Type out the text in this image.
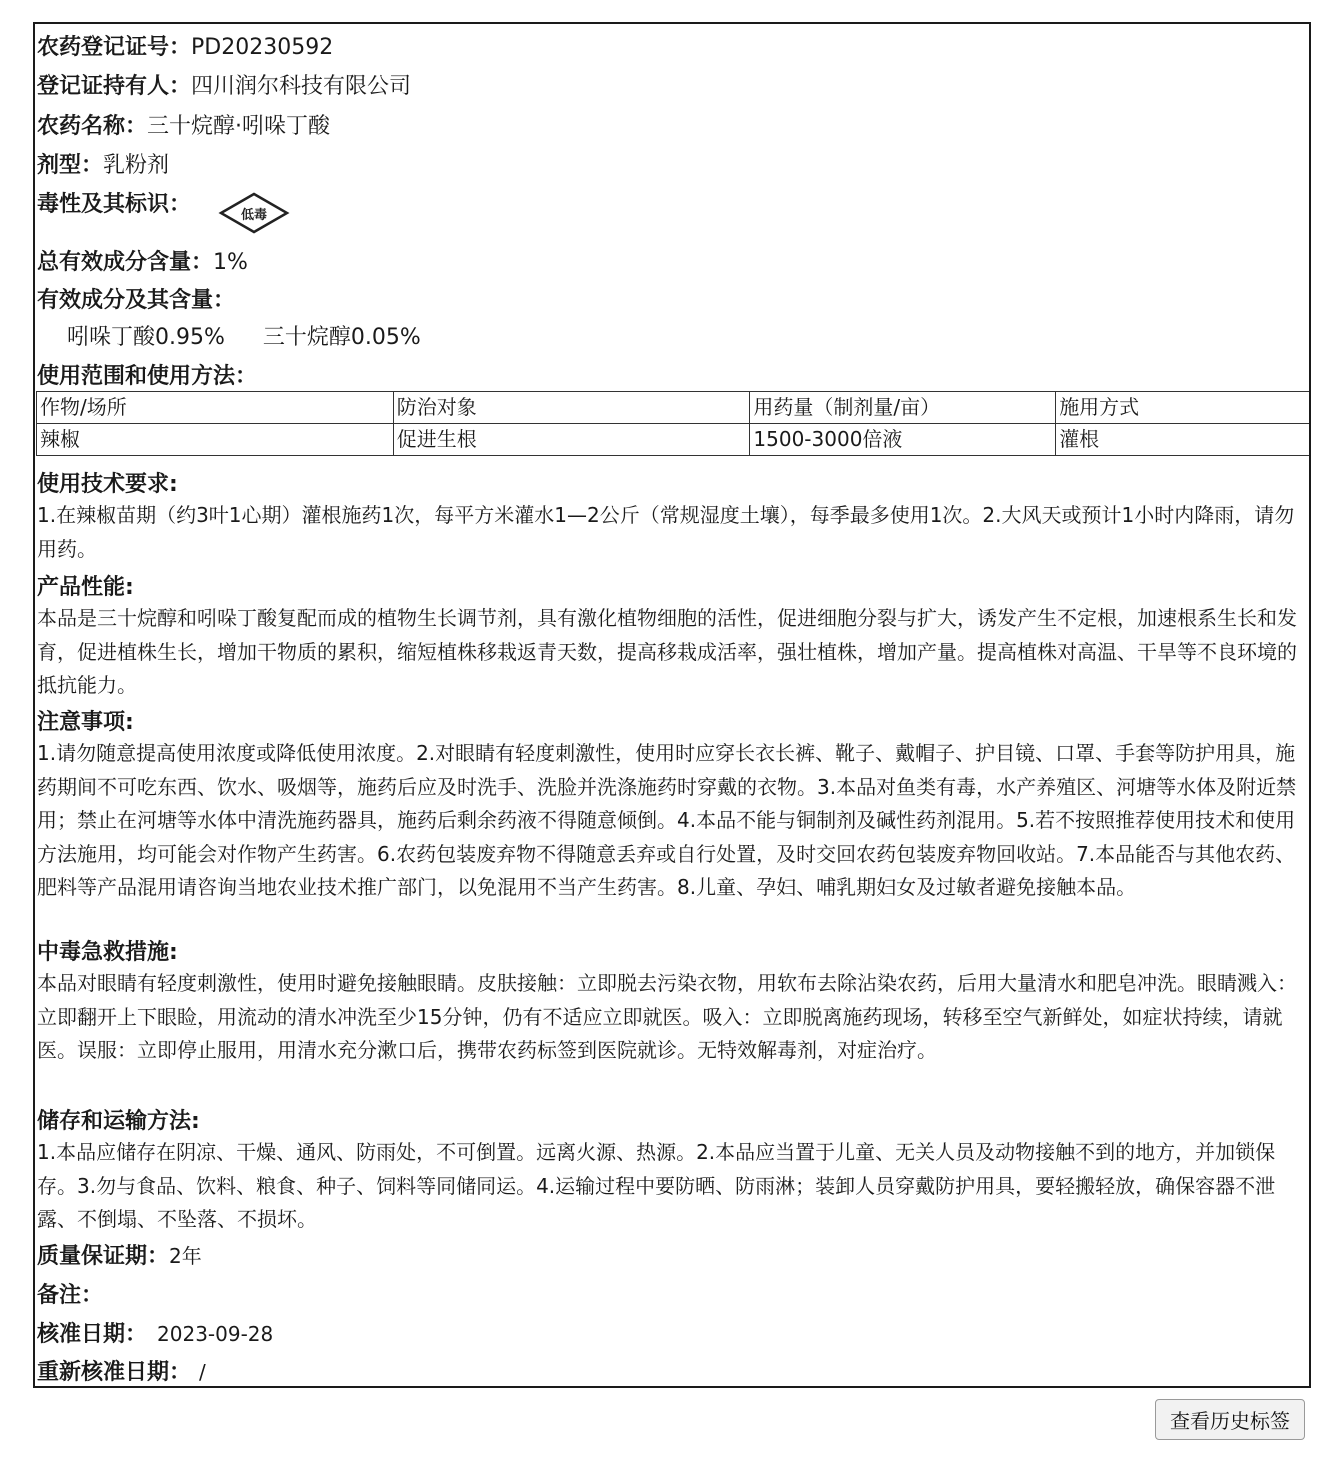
农药登记证号：PD20230592
登记证持有人：四川润尔科技有限公司
农药名称：三十烷醇·吲哚丁酸
剂型：乳粉剂
毒性及其标识：	低毒
总有效成分含量：1%
有效成分及其含量：
吲哚丁酸0.95% 三十烷醇0.05%
使用范围和使用方法：
作物/场所	防治对象	用药量（制剂量/亩）	施用方式
辣椒	促进生根	1500-3000倍液	灌根
使用技术要求:
1.在辣椒苗期（约3叶1心期）灌根施药1次，每平方米灌水1—2公斤（常规湿度土壤），每季最多使用1次。2.大风天或预计1小时内降雨，请勿用药。
产品性能:
本品是三十烷醇和吲哚丁酸复配而成的植物生长调节剂，具有激化植物细胞的活性，促进细胞分裂与扩大，诱发产生不定根，加速根系生长和发育，促进植株生长，增加干物质的累积，缩短植株移栽返青天数，提高移栽成活率，强壮植株，增加产量。提高植株对高温、干旱等不良环境的抵抗能力。
注意事项:
1.请勿随意提高使用浓度或降低使用浓度。2.对眼睛有轻度刺激性，使用时应穿长衣长裤、靴子、戴帽子、护目镜、口罩、手套等防护用具，施药期间不可吃东西、饮水、吸烟等，施药后应及时洗手、洗脸并洗涤施药时穿戴的衣物。3.本品对鱼类有毒，水产养殖区、河塘等水体及附近禁用；禁止在河塘等水体中清洗施药器具，施药后剩余药液不得随意倾倒。4.本品不能与铜制剂及碱性药剂混用。5.若不按照推荐使用技术和使用方法施用，均可能会对作物产生药害。6.农药包装废弃物不得随意丢弃或自行处置，及时交回农药包装废弃物回收站。7.本品能否与其他农药、肥料等产品混用请咨询当地农业技术推广部门，以免混用不当产生药害。8.儿童、孕妇、哺乳期妇女及过敏者避免接触本品。
中毒急救措施:
本品对眼睛有轻度刺激性，使用时避免接触眼睛。皮肤接触：立即脱去污染衣物，用软布去除沾染农药，后用大量清水和肥皂冲洗。眼睛溅入：立即翻开上下眼睑，用流动的清水冲洗至少15分钟，仍有不适应立即就医。吸入：立即脱离施药现场，转移至空气新鲜处，如症状持续，请就医。误服：立即停止服用，用清水充分漱口后，携带农药标签到医院就诊。无特效解毒剂，对症治疗。
储存和运输方法:
1.本品应储存在阴凉、干燥、通风、防雨处，不可倒置。远离火源、热源。2.本品应当置于儿童、无关人员及动物接触不到的地方，并加锁保存。3.勿与食品、饮料、粮食、种子、饲料等同储同运。4.运输过程中要防晒、防雨淋；装卸人员穿戴防护用具，要轻搬轻放，确保容器不泄露、不倒塌、不坠落、不损坏。
质量保证期：2年
备注：
核准日期： 2023-09-28
重新核准日期： /
查看历史标签
